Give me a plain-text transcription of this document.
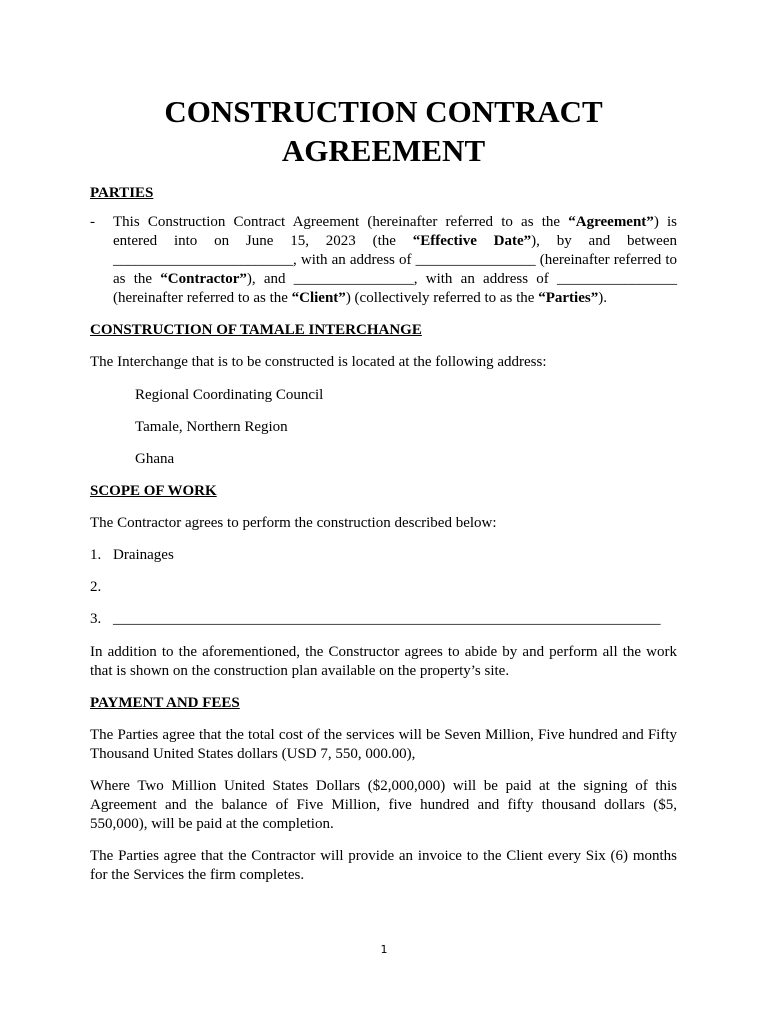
CONSTRUCTION CONTRACT
AGREEMENT
PARTIES
- This Construction Contract Agreement (hereinafter referred to as the “Agreement”) is entered into on June 15, 2023 (the “Effective Date”), by and between ________________________, with an address of ________________ (hereinafter referred to as the “Contractor”), and ________________, with an address of ________________ (hereinafter referred to as the “Client”) (collectively referred to as the “Parties”).
CONSTRUCTION OF TAMALE INTERCHANGE

The Interchange that is to be constructed is located at the following address:

Regional Coordinating Council

Tamale, Northern Region

Ghana

SCOPE OF WORK

The Contractor agrees to perform the construction described below:

1. Drainages
2.

3. _________________________________________________________________________

In addition to the aforementioned, the Constructor agrees to abide by and perform all the work that is shown on the construction plan available on the property’s site.

PAYMENT AND FEES

The Parties agree that the total cost of the services will be Seven Million, Five hundred and Fifty Thousand United States dollars (USD 7, 550, 000.00),

Where Two Million United States Dollars ($2,000,000) will be paid at the signing of this Agreement and the balance of Five Million, five hundred and fifty thousand dollars ($5, 550,000), will be paid at the completion.

The Parties agree that the Contractor will provide an invoice to the Client every Six (6) months for the Services the firm completes.

1
